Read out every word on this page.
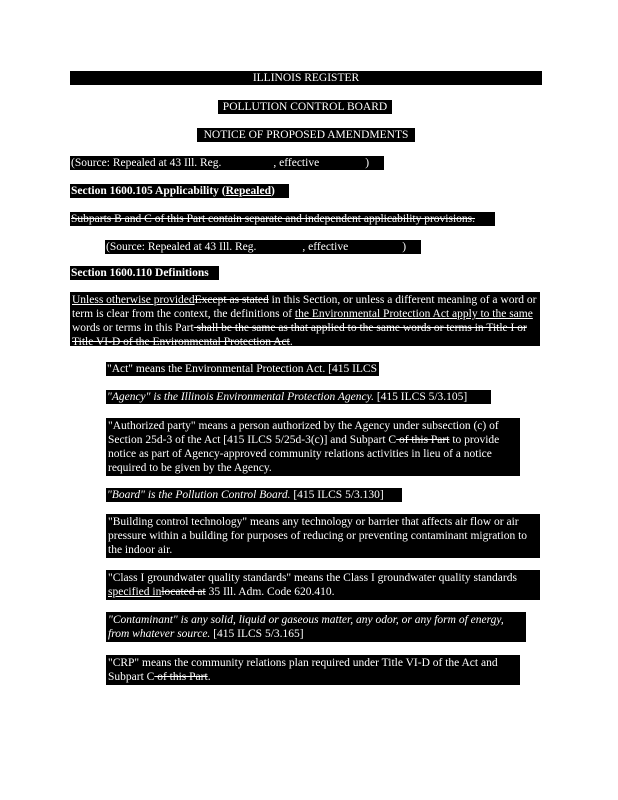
ILLINOIS REGISTER
POLLUTION CONTROL BOARD
NOTICE OF PROPOSED AMENDMENTS
(Source: Repealed at 43 Ill. Reg.	, effective	)
Section 1600.105 Applicability (Repealed)
Subparts B and C of this Part contain separate and independent applicability provisions.
(Source: Repealed at 43 Ill. Reg.	, effective	)
Section 1600.110 Definitions

Unless otherwise providedExcept as stated in this Section, or unless a different meaning of a word or term is clear from the context, the definitions of the Environmental Protection Act apply to the same words or terms in this Part shall be the same as that applied to the same words or terms in Title I or Title VI-D of the Environmental Protection Act.

"Act" means the Environmental Protection Act. [415 ILCS 5]
"Agency" is the Illinois Environmental Protection Agency. [415 ILCS 5/3.105]

"Authorized party" means a person authorized by the Agency under subsection (c) of Section 25d-3 of the Act [415 ILCS 5/25d-3(c)] and Subpart C of this Part to provide notice as part of Agency-approved community relations activities in lieu of a notice required to be given by the Agency.

"Board" is the Pollution Control Board. [415 ILCS 5/3.130]

"Building control technology" means any technology or barrier that affects air flow or air pressure within a building for purposes of reducing or preventing contaminant migration to the indoor air.

"Class I groundwater quality standards" means the Class I groundwater quality standards specified inlocated at 35 Ill. Adm. Code 620.410.

"Contaminant" is any solid, liquid or gaseous matter, any odor, or any form of energy, from whatever source. [415 ILCS 5/3.165]

"CRP" means the community relations plan required under Title VI-D of the Act and Subpart C of this Part.
